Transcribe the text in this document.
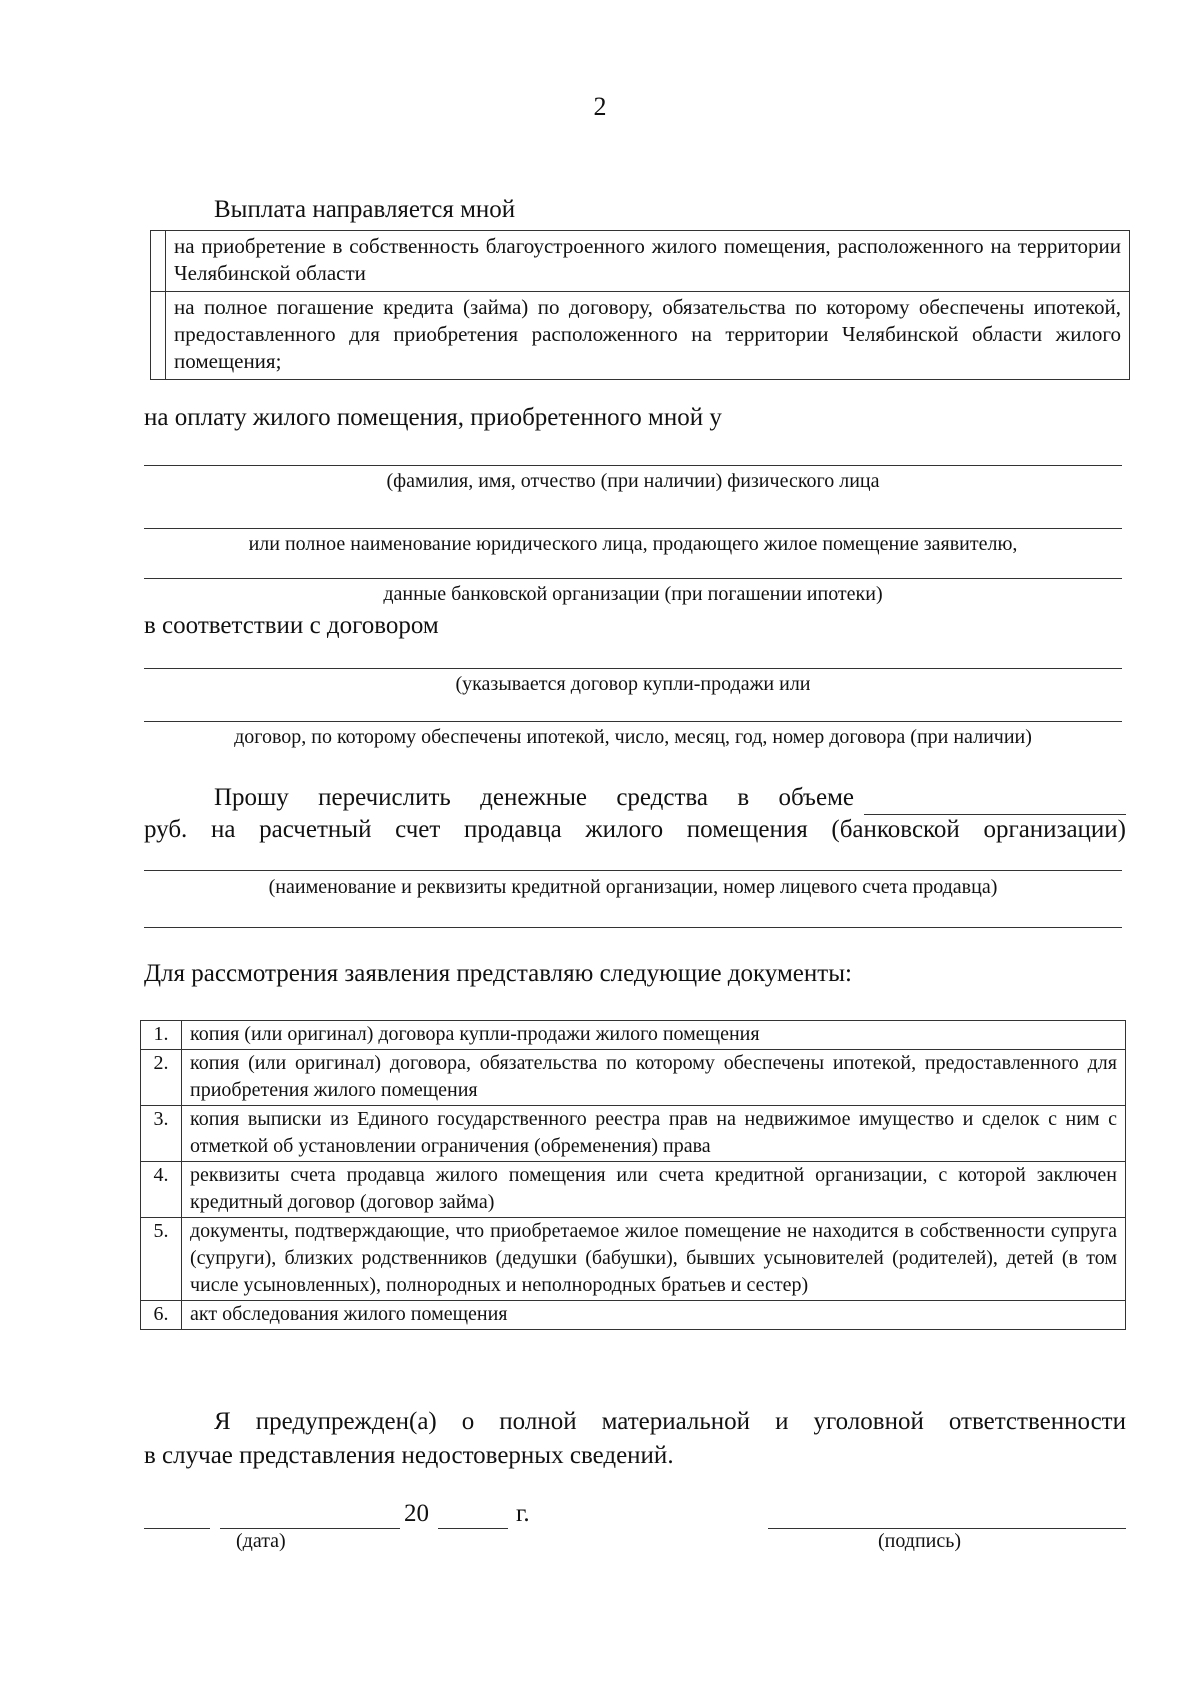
2
Выплата направляется мной
	на приобретение в собственность благоустроенного жилого помещения, расположенного на территории Челябинской области
	на полное погашение кредита (займа) по договору, обязательства по которому обеспечены ипотекой, предоставленного для приобретения расположенного на территории Челябинской области жилого помещения;
на оплату жилого помещения, приобретенного мной у
(фамилия, имя, отчество (при наличии) физического лица
или полное наименование юридического лица, продающего жилое помещение заявителю,
данные банковской организации (при погашении ипотеки)
в соответствии с договором
(указывается договор купли-продажи или
договор, по которому обеспечены ипотекой, число, месяц, год, номер договора (при наличии)
Прошу перечислить денежные средства в объеме
руб. на расчетный счет продавца жилого помещения (банковской организации)
(наименование и реквизиты кредитной организации, номер лицевого счета продавца)
Для рассмотрения заявления представляю следующие документы:
1.	копия (или оригинал) договора купли-продажи жилого помещения
2.	копия (или оригинал) договора, обязательства по которому обеспечены ипотекой, предоставленного для приобретения жилого помещения
3.	копия выписки из Единого государственного реестра прав на недвижимое имущество и сделок с ним с отметкой об установлении ограничения (обременения) права
4.	реквизиты счета продавца жилого помещения или счета кредитной организации, с которой заключен кредитный договор (договор займа)
5.	документы, подтверждающие, что приобретаемое жилое помещение не находится в собственности супруга (супруги), близких родственников (дедушки (бабушки), бывших усыновителей (родителей), детей (в том числе усыновленных), полнородных и неполнородных братьев и сестер)
6.	акт обследования жилого помещения
Я предупрежден(а) о полной материальной и уголовной ответственности
в случае представления недостоверных сведений.
20	г.
(дата)	(подпись)
